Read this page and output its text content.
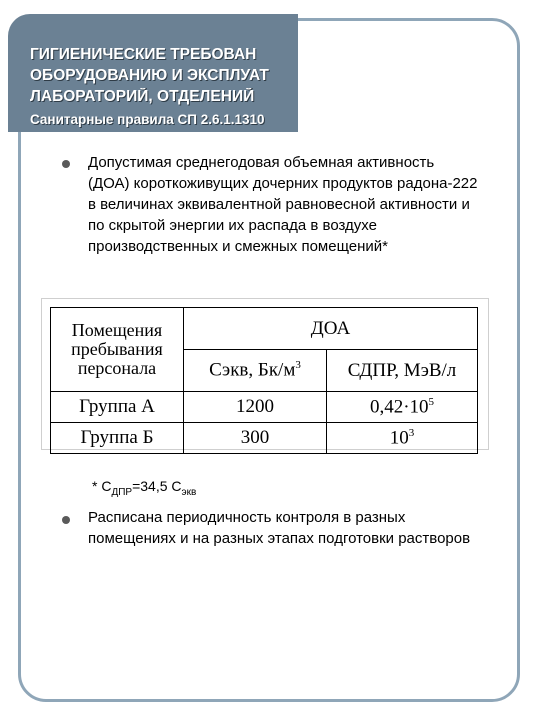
ГИГИЕНИЧЕСКИЕ ТРЕБОВАН
ОБОРУДОВАНИЮ И ЭКСПЛУАТ
ЛАБОРАТОРИЙ, ОТДЕЛЕНИЙ
Санитарные правила СП 2.6.1.1310
Допустимая среднегодовая объемная активность (ДОА) короткоживущих дочерних продуктов радона-222 в величинах эквивалентной равновесной активности и по скрытой энергии их распада в воздухе производственных и смежных помещений*
Помещения пребывания персонала	ДОА	
	Сэкв, $Бк/м^3$	СДПР, МэВ/л
Группа А	1200	$0,42\cdot 10^5$
Группа Б	300	$10^3$
* $С_{ДПР}=34,5$ $С_{экв}$
Расписана периодичность контроля в разных помещениях и на разных этапах подготовки растворов
